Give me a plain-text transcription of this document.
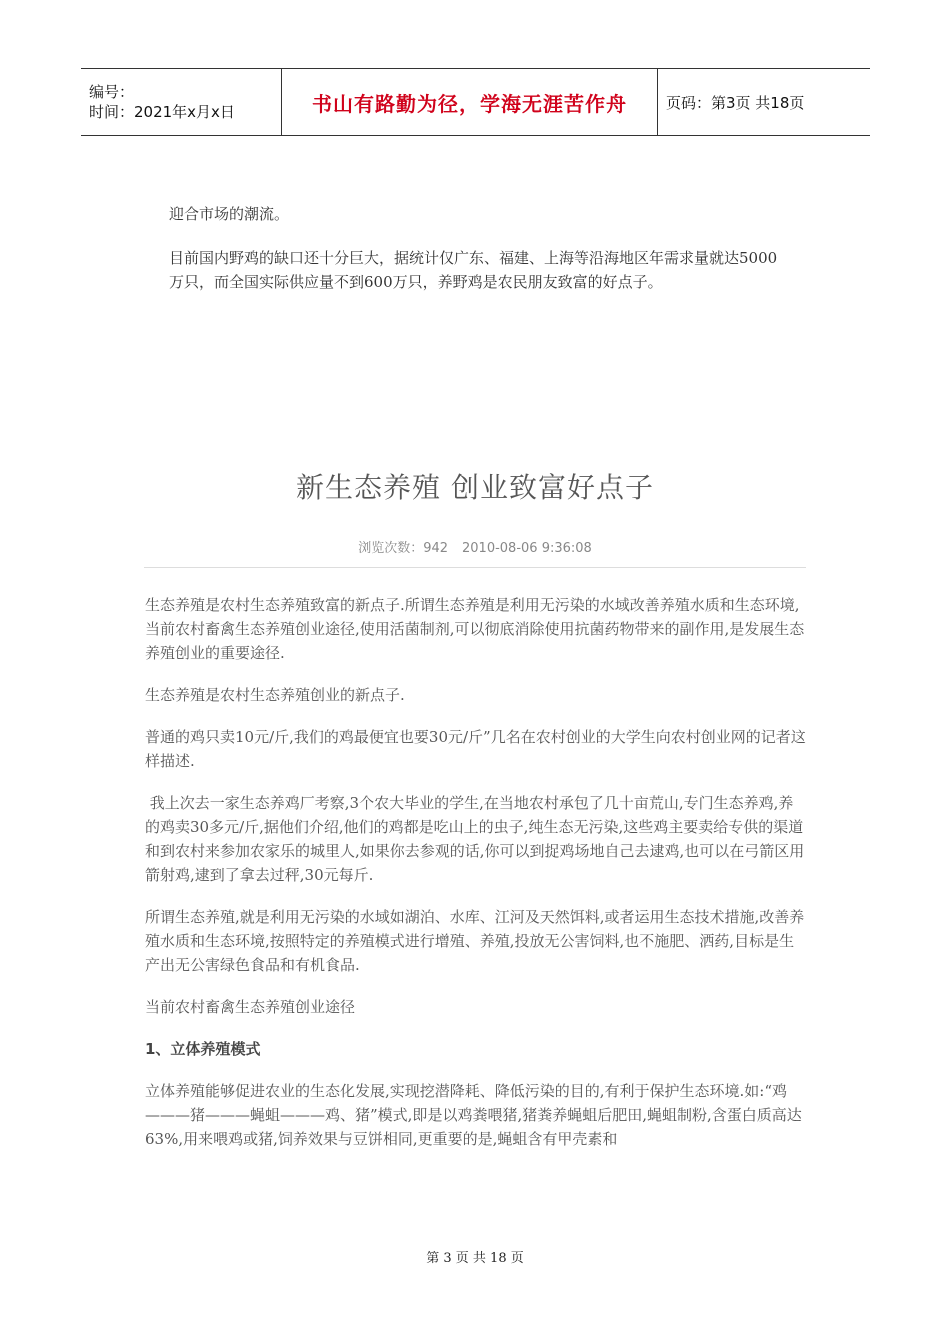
编号：
时间：2021年x月x日	书山有路勤为径，学海无涯苦作舟	页码：第3页 共18页

迎合市场的潮流。

目前国内野鸡的缺口还十分巨大，据统计仅广东、福建、上海等沿海地区年需求量就达5000万只，而全国实际供应量不到600万只，养野鸡是农民朋友致富的好点子。

新生态养殖 创业致富好点子
浏览次数：942 2010-08-06 9:36:08

生态养殖是农村生态养殖致富的新点子.所谓生态养殖是利用无污染的水域改善养殖水质和生态环境,当前农村畜禽生态养殖创业途径,使用活菌制剂,可以彻底消除使用抗菌药物带来的副作用,是发展生态养殖创业的重要途径.

生态养殖是农村生态养殖创业的新点子.

普通的鸡只卖10元/斤,我们的鸡最便宜也要30元/斤”几名在农村创业的大学生向农村创业网的记者这样描述.

我上次去一家生态养鸡厂考察,3个农大毕业的学生,在当地农村承包了几十亩荒山,专门生态养鸡,养的鸡卖30多元/斤,据他们介绍,他们的鸡都是吃山上的虫子,纯生态无污染,这些鸡主要卖给专供的渠道和到农村来参加农家乐的城里人,如果你去参观的话,你可以到捉鸡场地自己去逮鸡,也可以在弓箭区用箭射鸡,逮到了拿去过秤,30元每斤.

所谓生态养殖,就是利用无污染的水域如湖泊、水库、江河及天然饵料,或者运用生态技术措施,改善养殖水质和生态环境,按照特定的养殖模式进行增殖、养殖,投放无公害饲料,也不施肥、洒药,目标是生产出无公害绿色食品和有机食品.

当前农村畜禽生态养殖创业途径

1、立体养殖模式

立体养殖能够促进农业的生态化发展,实现挖潜降耗、降低污染的目的,有利于保护生态环境.如:“鸡———猪———蝇蛆———鸡、猪”模式,即是以鸡粪喂猪,猪粪养蝇蛆后肥田,蝇蛆制粉,含蛋白质高达63%,用来喂鸡或猪,饲养效果与豆饼相同,更重要的是,蝇蛆含有甲壳素和

第 3 页 共 18 页
